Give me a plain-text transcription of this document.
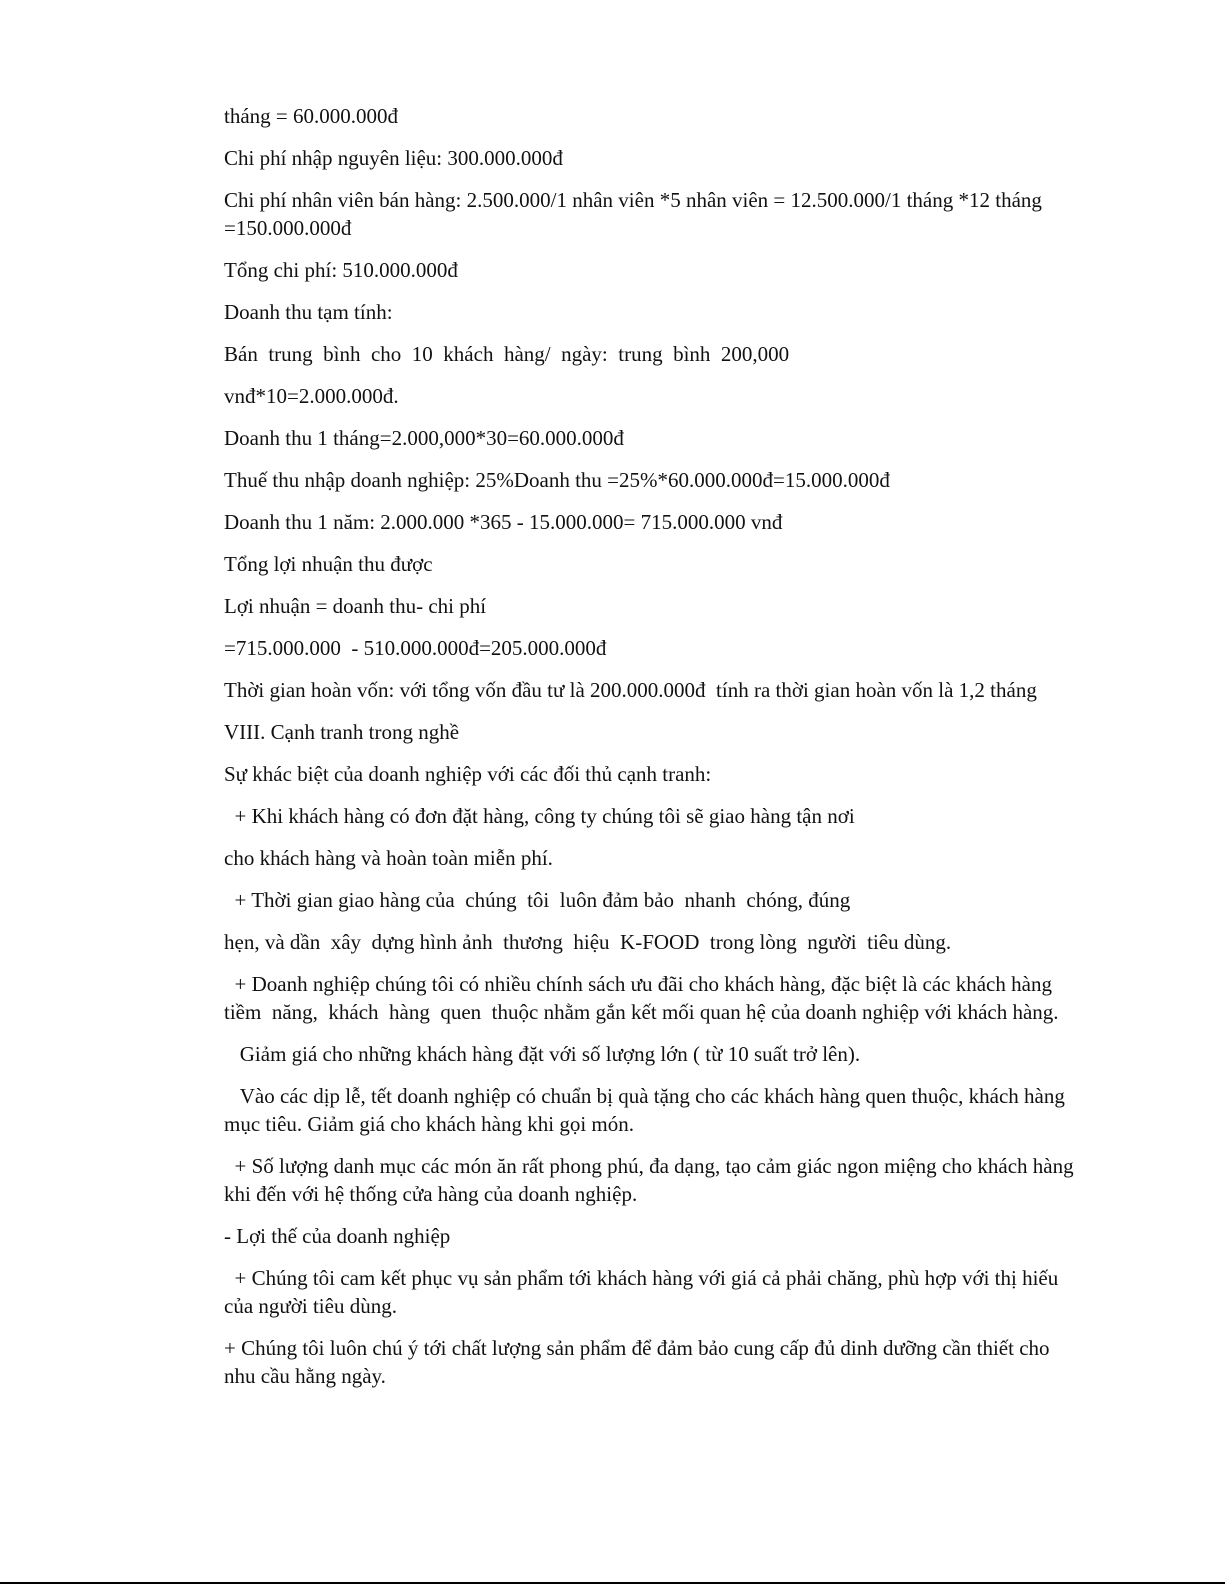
tháng = 60.000.000đ

Chi phí nhập nguyên liệu: 300.000.000đ

Chi phí nhân viên bán hàng: 2.500.000/1 nhân viên *5 nhân viên = 12.500.000/1 tháng *12 tháng =150.000.000đ

Tổng chi phí: 510.000.000đ

Doanh thu tạm tính:

Bán  trung  bình  cho  10  khách  hàng/  ngày:  trung  bình  200,000

vnđ*10=2.000.000đ.

Doanh thu 1 tháng=2.000,000*30=60.000.000đ

Thuế thu nhập doanh nghiệp: 25%Doanh thu =25%*60.000.000đ=15.000.000đ

Doanh thu 1 năm: 2.000.000 *365 - 15.000.000= 715.000.000 vnđ

Tổng lợi nhuận thu được

Lợi nhuận = doanh thu- chi phí

=715.000.000  - 510.000.000đ=205.000.000đ

Thời gian hoàn vốn: với tổng vốn đầu tư là 200.000.000đ  tính ra thời gian hoàn vốn là 1,2 tháng

VIII. Cạnh tranh trong nghề

Sự khác biệt của doanh nghiệp với các đối thủ cạnh tranh:

+ Khi khách hàng có đơn đặt hàng, công ty chúng tôi sẽ giao hàng tận nơi

cho khách hàng và hoàn toàn miễn phí.

+ Thời gian giao hàng của  chúng  tôi  luôn đảm bảo  nhanh  chóng, đúng

hẹn, và dần  xây  dựng hình ảnh  thương  hiệu  K-FOOD  trong lòng  người  tiêu dùng.

+ Doanh nghiệp chúng tôi có nhiều chính sách ưu đãi cho khách hàng, đặc biệt là các khách hàng tiềm  năng,  khách  hàng  quen  thuộc nhằm gắn kết mối quan hệ của doanh nghiệp với khách hàng.

Giảm giá cho những khách hàng đặt với số lượng lớn ( từ 10 suất trở lên).

Vào các dịp lễ, tết doanh nghiệp có chuẩn bị quà tặng cho các khách hàng quen thuộc, khách hàng mục tiêu. Giảm giá cho khách hàng khi gọi món.

+ Số lượng danh mục các món ăn rất phong phú, đa dạng, tạo cảm giác ngon miệng cho khách hàng khi đến với hệ thống cửa hàng của doanh nghiệp.

- Lợi thế của doanh nghiệp

+ Chúng tôi cam kết phục vụ sản phẩm tới khách hàng với giá cả phải chăng, phù hợp với thị hiếu của người tiêu dùng.

+ Chúng tôi luôn chú ý tới chất lượng sản phẩm để đảm bảo cung cấp đủ dinh dưỡng cần thiết cho nhu cầu hằng ngày.
